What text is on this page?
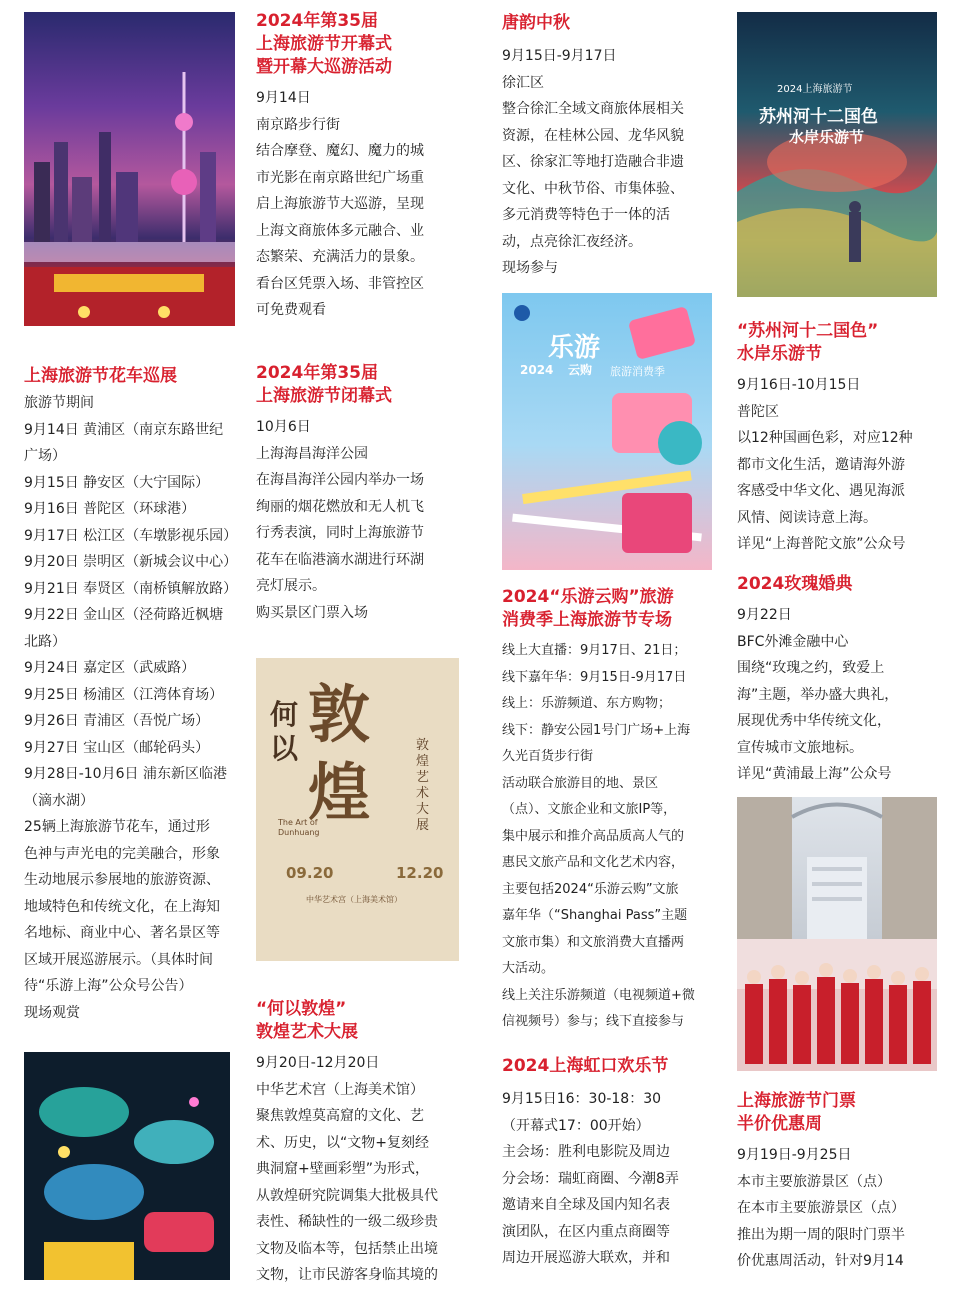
上海旅游节花车巡展

旅游节期间

9月14日 黄浦区（南京东路世纪

广场）

9月15日 静安区（大宁国际）

9月16日 普陀区（环球港）

9月17日 松江区（车墩影视乐园）

9月20日 崇明区（新城会议中心）

9月21日 奉贤区（南桥镇解放路）

9月22日 金山区（泾荷路近枫塘

北路）

9月24日 嘉定区（武威路）

9月25日 杨浦区（江湾体育场）

9月26日 青浦区（吾悦广场）

9月27日 宝山区（邮轮码头）

9月28日-10月6日 浦东新区临港

（滴水湖）

25辆上海旅游节花车，通过形

色神与声光电的完美融合，形象

生动地展示参展地的旅游资源、

地域特色和传统文化，在上海知

名地标、商业中心、著名景区等

区域开展巡游展示。（具体时间

待“乐游上海”公众号公告）

现场观赏

2024年第35届

上海旅游节开幕式

暨开幕大巡游活动

9月14日

南京路步行街

结合摩登、魔幻、魔力的城

市光影在南京路世纪广场重

启上海旅游节大巡游，呈现

上海文商旅体多元融合、业

态繁荣、充满活力的景象。

看台区凭票入场、非管控区

可免费观看

2024年第35届

上海旅游节闭幕式

10月6日

上海海昌海洋公园

在海昌海洋公园内举办一场

绚丽的烟花燃放和无人机飞

行秀表演，同时上海旅游节

花车在临港滴水湖进行环湖

亮灯展示。

购买景区门票入场

何以 敦煌
敦煌艺术大展
The Art of Dunhuang
09.20	12.20
中华艺术宫（上海美术馆）

“何以敦煌”

敦煌艺术大展

9月20日-12月20日

中华艺术宫（上海美术馆）

聚焦敦煌莫高窟的文化、艺

术、历史，以“文物+复刻经

典洞窟+壁画彩塑”为形式，

从敦煌研究院调集大批极具代

表性、稀缺性的一级二级珍贵

文物及临本等，包括禁止出境

文物，让市民游客身临其境的

唐韵中秋

9月15日-9月17日

徐汇区

整合徐汇全域文商旅体展相关

资源，在桂林公园、龙华风貌

区、徐家汇等地打造融合非遗

文化、中秋节俗、市集体验、

多元消费等特色于一体的活

动，点亮徐汇夜经济。

现场参与

乐游
云购
2024	旅游消费季

2024“乐游云购”旅游

消费季上海旅游节专场

线上大直播：9月17日、21日；

线下嘉年华：9月15日-9月17日

线上：乐游频道、东方购物；

线下：静安公园1号门广场+上海

久光百货步行街

活动联合旅游目的地、景区

（点）、文旅企业和文旅IP等，

集中展示和推介高品质高人气的

惠民文旅产品和文化艺术内容，

主要包括2024“乐游云购”文旅

嘉年华（“Shanghai Pass”主题

文旅市集）和文旅消费大直播两

大活动。

线上关注乐游频道（电视频道+微

信视频号）参与；线下直接参与

2024上海虹口欢乐节

9月15日16：30-18：30

（开幕式17：00开始）

主会场：胜利电影院及周边

分会场：瑞虹商圈、今潮8弄

邀请来自全球及国内知名表

演团队，在区内重点商圈等

周边开展巡游大联欢，并和

2024上海旅游节
苏州河十二国色
水岸乐游节

“苏州河十二国色”

水岸乐游节

9月16日-10月15日

普陀区

以12种国画色彩，对应12种

都市文化生活，邀请海外游

客感受中华文化、遇见海派

风情、阅读诗意上海。

详见“上海普陀文旅”公众号

2024玫瑰婚典

9月22日

BFC外滩金融中心

围绕“玫瑰之约，致爱上

海”主题，举办盛大典礼，

展现优秀中华传统文化，

宣传城市文旅地标。

详见“黄浦最上海”公众号

上海旅游节门票

半价优惠周

9月19日-9月25日

本市主要旅游景区（点）

在本市主要旅游景区（点）

推出为期一周的限时门票半

价优惠周活动，针对9月14
